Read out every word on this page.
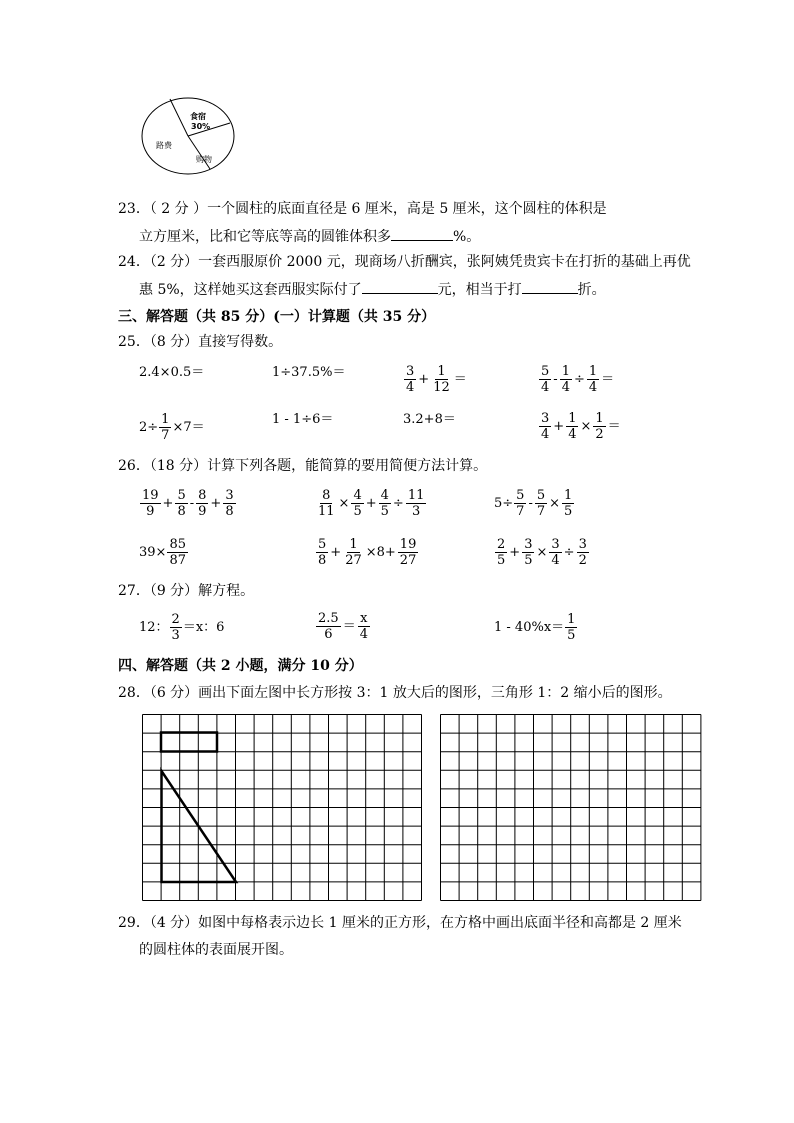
食宿
30%
路费
购物
23．（ 2 分 ）一个圆柱的底面直径是 6 厘米，高是 5 厘米，这个圆柱的体积是
立方厘米，比和它等底等高的圆锥体积多	%。
24．（2 分）一套西服原价 2000 元，现商场八折酬宾，张阿姨凭贵宾卡在打折的基础上再优
惠 5%，这样她买这套西服实际付了	元，相当于打	折。
三、解答题（共 85 分）(一）计算题（共 35 分）
25．（8 分）直接写得数。
2.4×0.5＝	1÷37.5%＝	$\frac{3}{4} + \frac{1}{12}$ ＝	$\frac{5}{4} - \frac{1}{4} \div \frac{1}{4}$ ＝
$2\div \frac{1}{7} \times 7=$	1 - 1÷6＝	3.2+8＝	$\frac{3}{4} + \frac{1}{4} \times \frac{1}{2}$ ＝
26．（18 分）计算下列各题，能简算的要用简便方法计算。
$\frac{19}{9} + \frac{5}{8} - \frac{8}{9} + \frac{3}{8}$	$\frac{8}{11} \times \frac{4}{5} + \frac{4}{5} \div \frac{11}{3}$	$5\div \frac{5}{7} - \frac{5}{7} \times \frac{1}{5}$
$39\times \frac{85}{87}$	$\frac{5}{8} + \frac{1}{27} \times 8+ \frac{19}{27}$	$\frac{2}{5} + \frac{3}{5} \times \frac{3}{4} \div \frac{3}{2}$
27．（9 分）解方程。
12： $\frac{2}{3} =x$：6	$\frac{2.5}{6} = \frac{x}{4}$	$1 - 40\%x= \frac{1}{5}$
四、解答题（共 2 小题，满分 10 分）
28．（6 分）画出下面左图中长方形按 3：1 放大后的图形，三角形 1：2 缩小后的图形。
29．（4 分）如图中每格表示边长 1 厘米的正方形，在方格中画出底面半径和高都是 2 厘米
的圆柱体的表面展开图。
